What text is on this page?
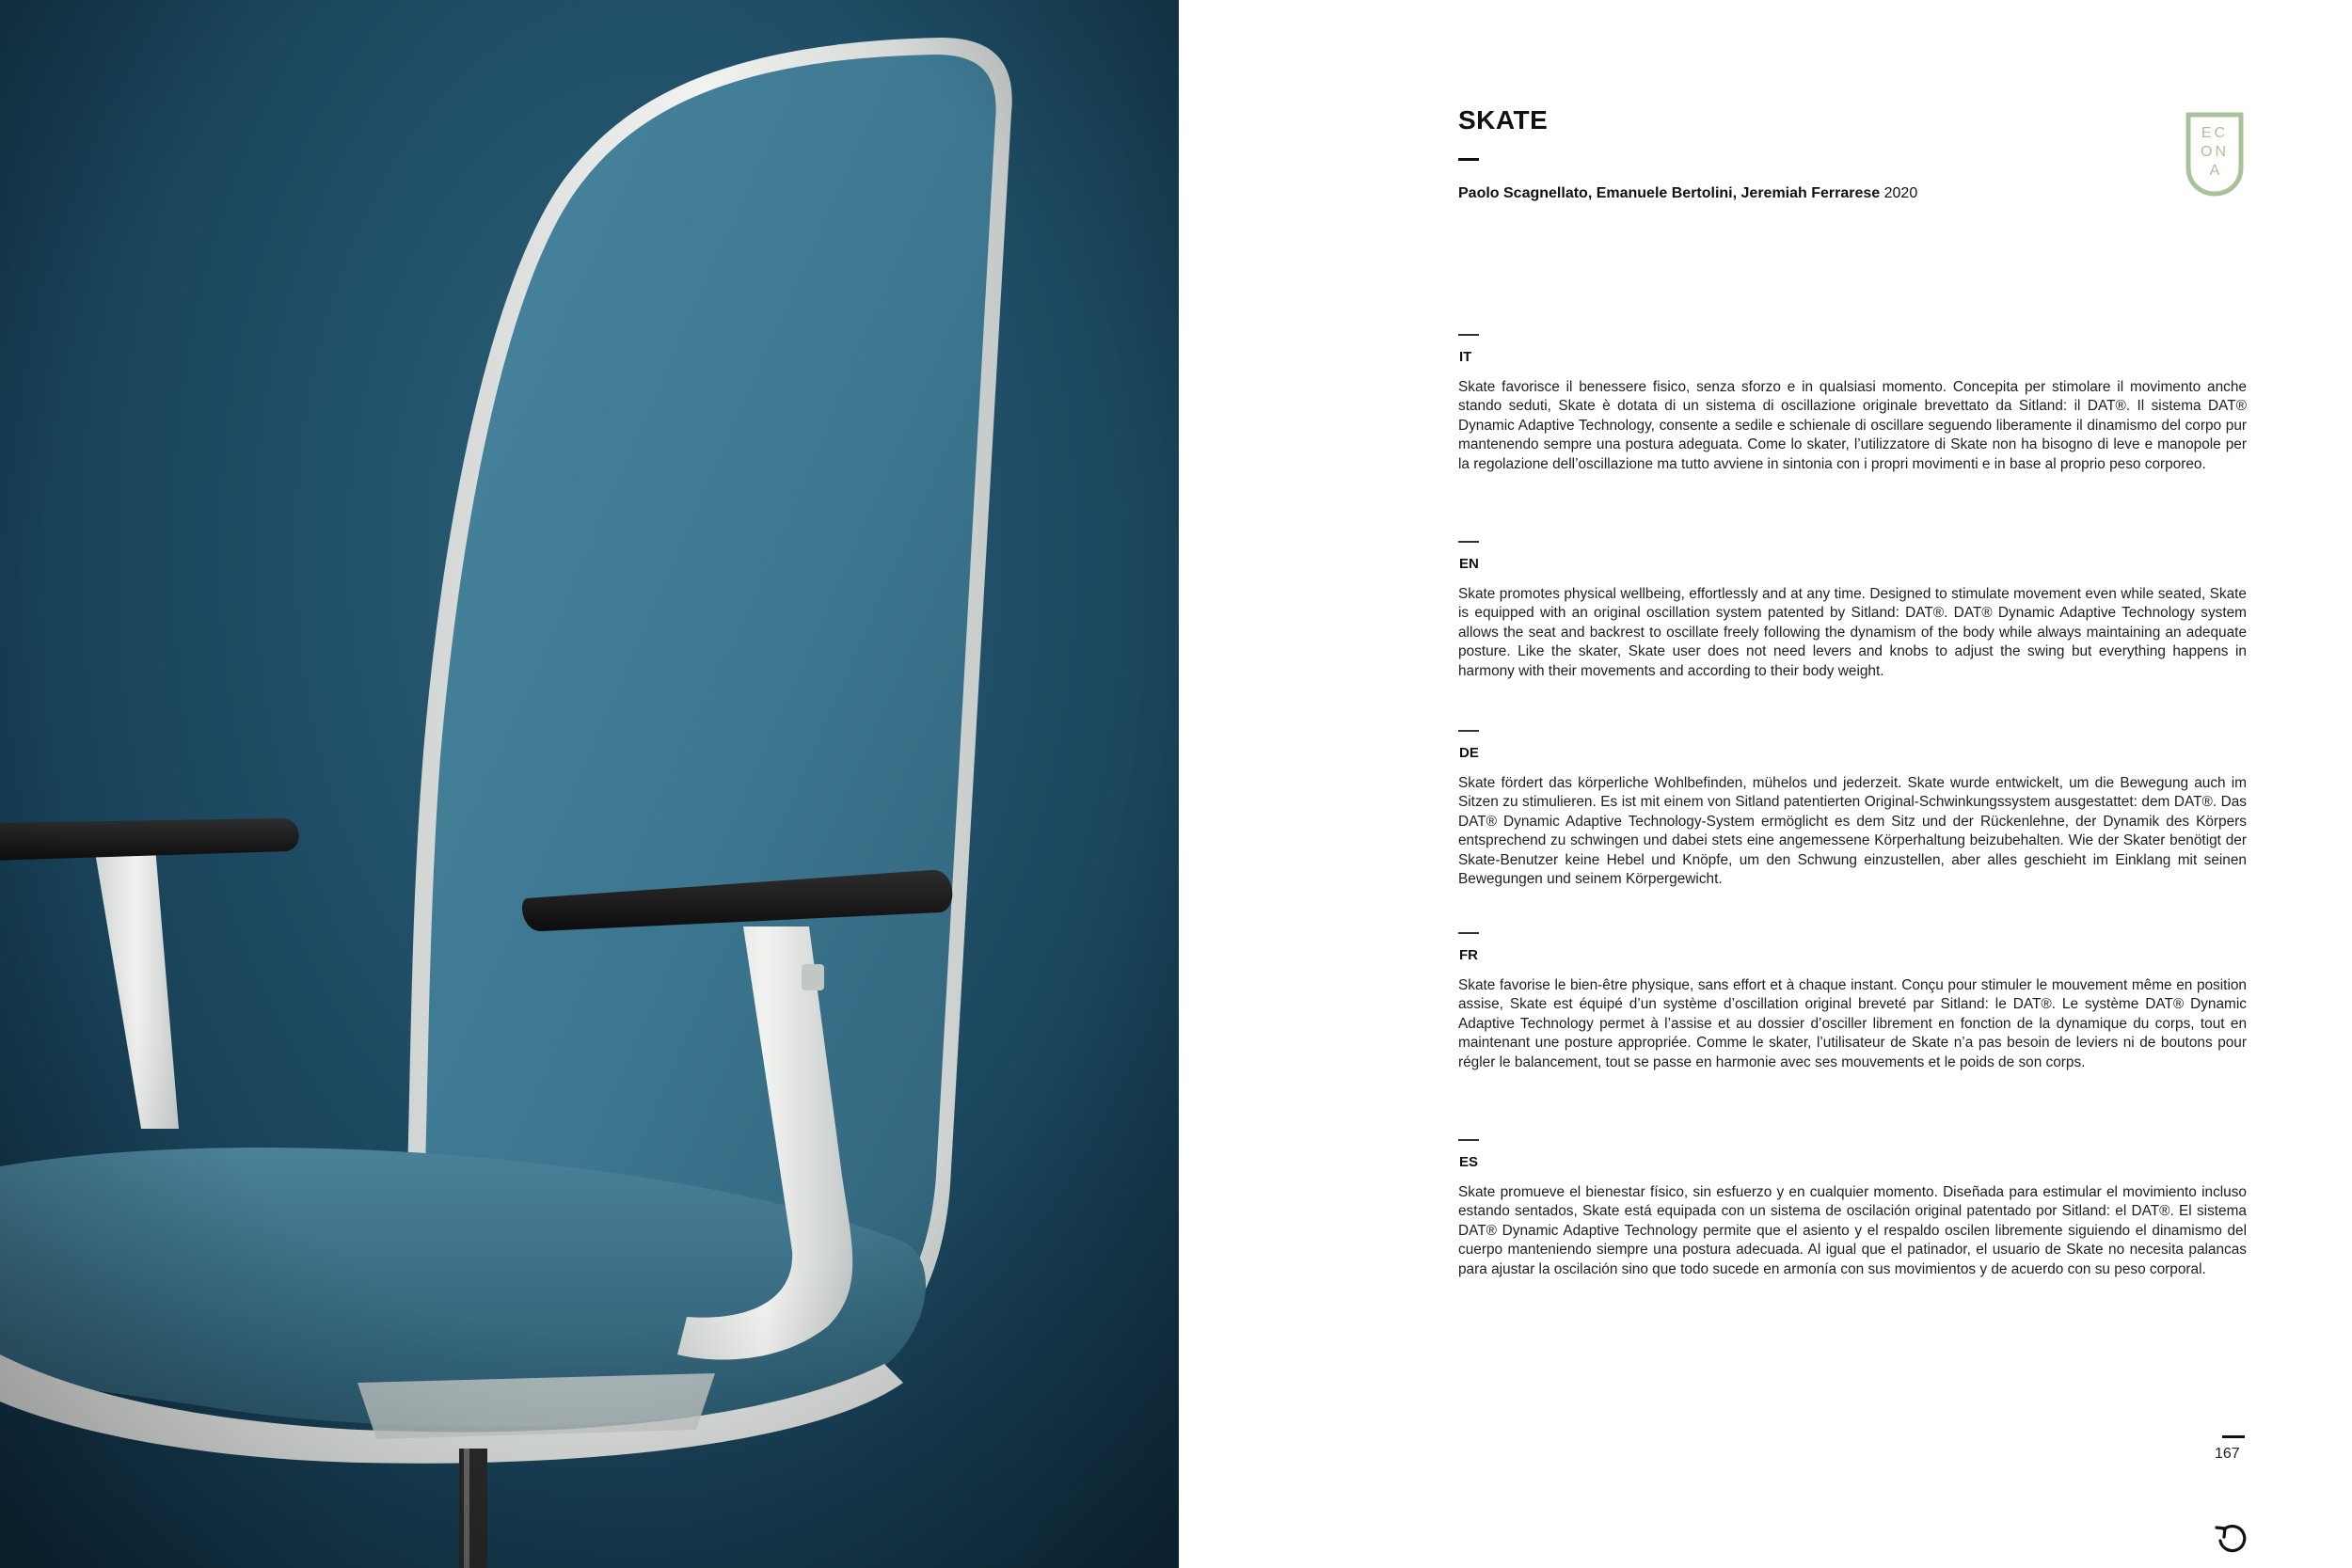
SKATE
Paolo Scagnellato, Emanuele Bertolini, Jeremiah Ferrarese 2020
EC
ON
A
IT
Skate favorisce il benessere fisico, senza sforzo e in qualsiasi momento. Concepita per stimolare il movimento anche stando seduti, Skate è dotata di un sistema di oscillazione originale brevettato da Sitland: il DAT®. Il sistema DAT® Dynamic Adaptive Technology, consente a sedile e schienale di oscillare seguendo liberamente il dinamismo del corpo pur mantenendo sempre una postura adeguata. Come lo skater, l’utilizzatore di Skate non ha bisogno di leve e manopole per la regolazione dell’oscillazione ma tutto avviene in sintonia con i propri movimenti e in base al proprio peso corporeo.
EN
Skate promotes physical wellbeing, effortlessly and at any time. Designed to stimulate movement even while seated, Skate is equipped with an original oscillation system patented by Sitland: DAT®. DAT® Dynamic Adaptive Technology system allows the seat and backrest to oscillate freely following the dynamism of the body while always maintaining an adequate posture. Like the skater, Skate user does not need levers and knobs to adjust the swing but everything happens in harmony with their movements and according to their body weight.
DE
Skate fördert das körperliche Wohlbefinden, mühelos und jederzeit. Skate wurde entwickelt, um die Bewegung auch im Sitzen zu stimulieren. Es ist mit einem von Sitland patentierten Original-Schwinkungssystem ausgestattet: dem DAT®. Das DAT® Dynamic Adaptive Technology-System ermöglicht es dem Sitz und der Rückenlehne, der Dynamik des Körpers entsprechend zu schwingen und dabei stets eine angemessene Körperhaltung beizubehalten. Wie der Skater benötigt der Skate-Benutzer keine Hebel und Knöpfe, um den Schwung einzustellen, aber alles geschieht im Einklang mit seinen Bewegungen und seinem Körpergewicht.
FR
Skate favorise le bien-être physique, sans effort et à chaque instant. Conçu pour stimuler le mouvement même en position assise, Skate est équipé d’un système d’oscillation original breveté par Sitland: le DAT®. Le système DAT® Dynamic Adaptive Technology permet à l’assise et au dossier d’osciller librement en fonction de la dynamique du corps, tout en maintenant une posture appropriée. Comme le skater, l’utilisateur de Skate n’a pas besoin de leviers ni de boutons pour régler le balancement, tout se passe en harmonie avec ses mouvements et le poids de son corps.
ES
Skate promueve el bienestar físico, sin esfuerzo y en cualquier momento. Diseñada para estimular el movimiento incluso estando sentados, Skate está equipada con un sistema de oscilación original patentado por Sitland: el DAT®. El sistema DAT® Dynamic Adaptive Technology permite que el asiento y el respaldo oscilen libremente siguiendo el dinamismo del cuerpo manteniendo siempre una postura adecuada. Al igual que el patinador, el usuario de Skate no necesita palancas para ajustar la oscilación sino que todo sucede en armonía con sus movimientos y de acuerdo con su peso corporal.
167
